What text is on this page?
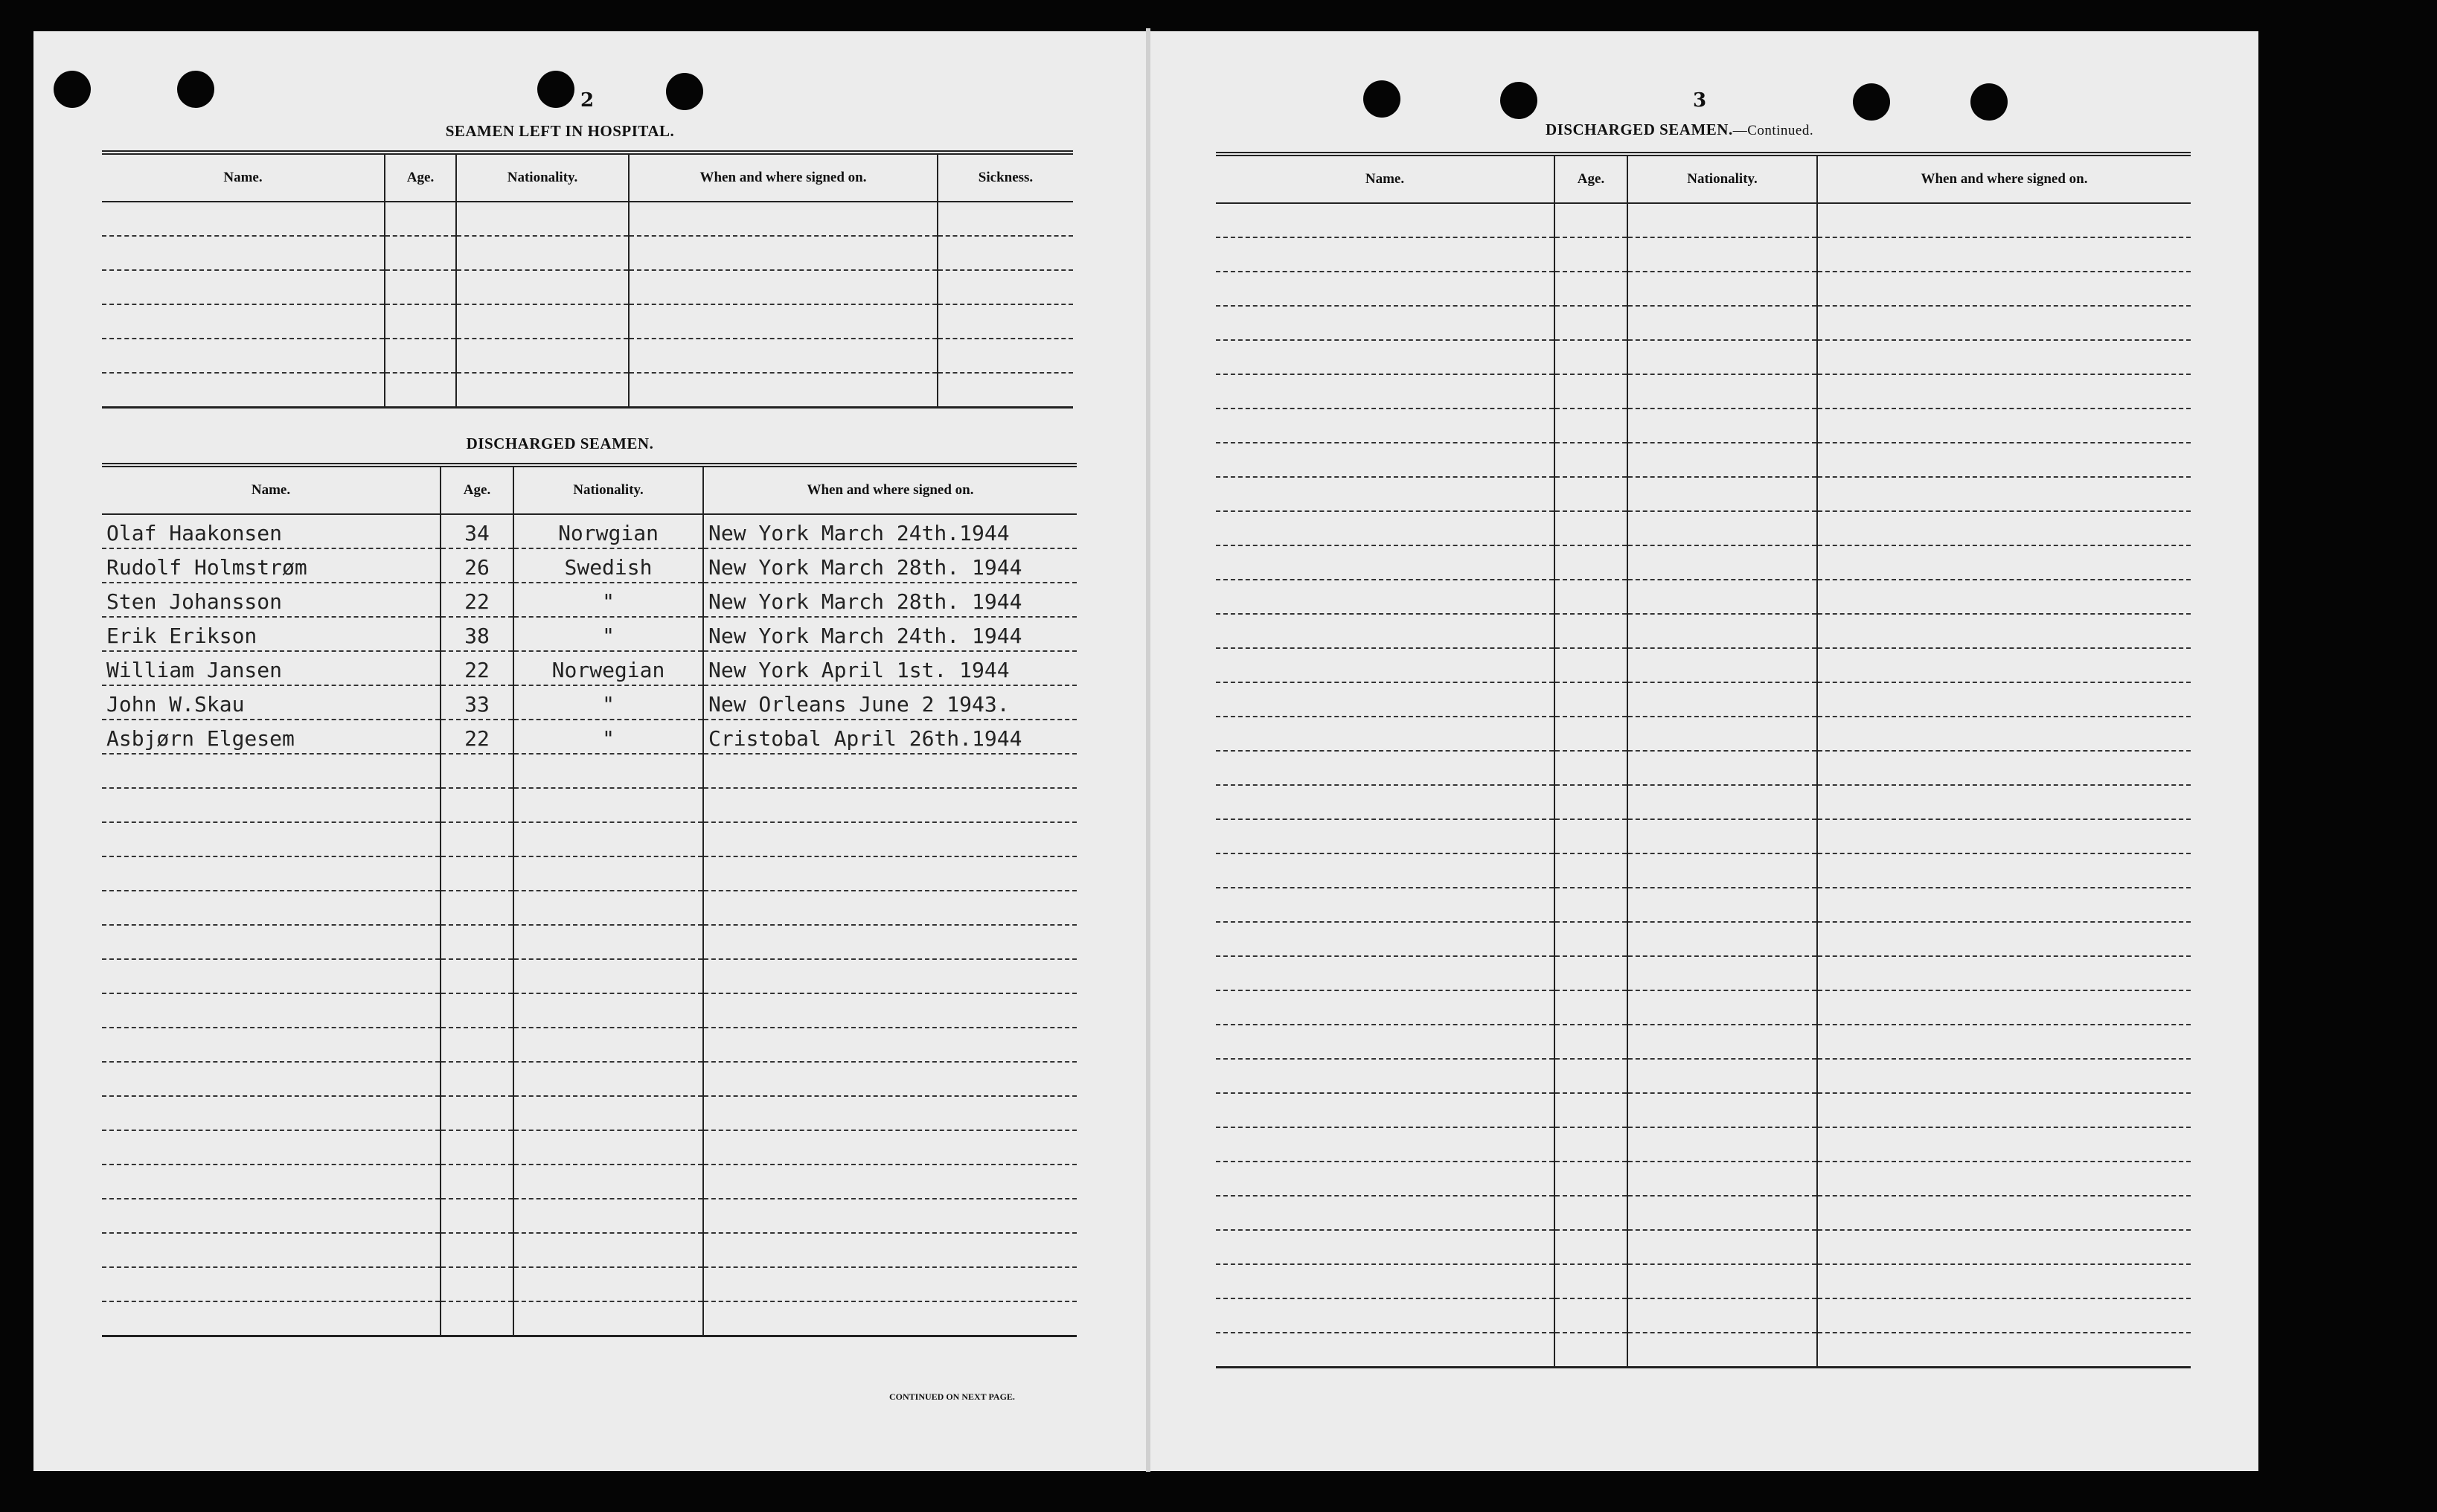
2
SEAMEN LEFT IN HOSPITAL.
Name.	Age.	Nationality.	When and where signed on.	Sickness.

DISCHARGED SEAMEN.
Name.	Age.	Nationality.	When and where signed on.
Olaf Haakonsen	34	Norwgian	New York March 24th.1944
Rudolf Holmstrøm	26	Swedish	New York March 28th. 1944
Sten Johansson	22	"	New York March 28th. 1944
Erik Erikson	38	"	New York March 24th. 1944
William Jansen	22	Norwegian	New York April 1st. 1944
John W.Skau	33	"	New Orleans June 2 1943.
Asbjørn Elgesem	22	"	Cristobal April 26th.1944

CONTINUED ON NEXT PAGE.
3
DISCHARGED SEAMEN.—Continued.
Name.	Age.	Nationality.	When and where signed on.
